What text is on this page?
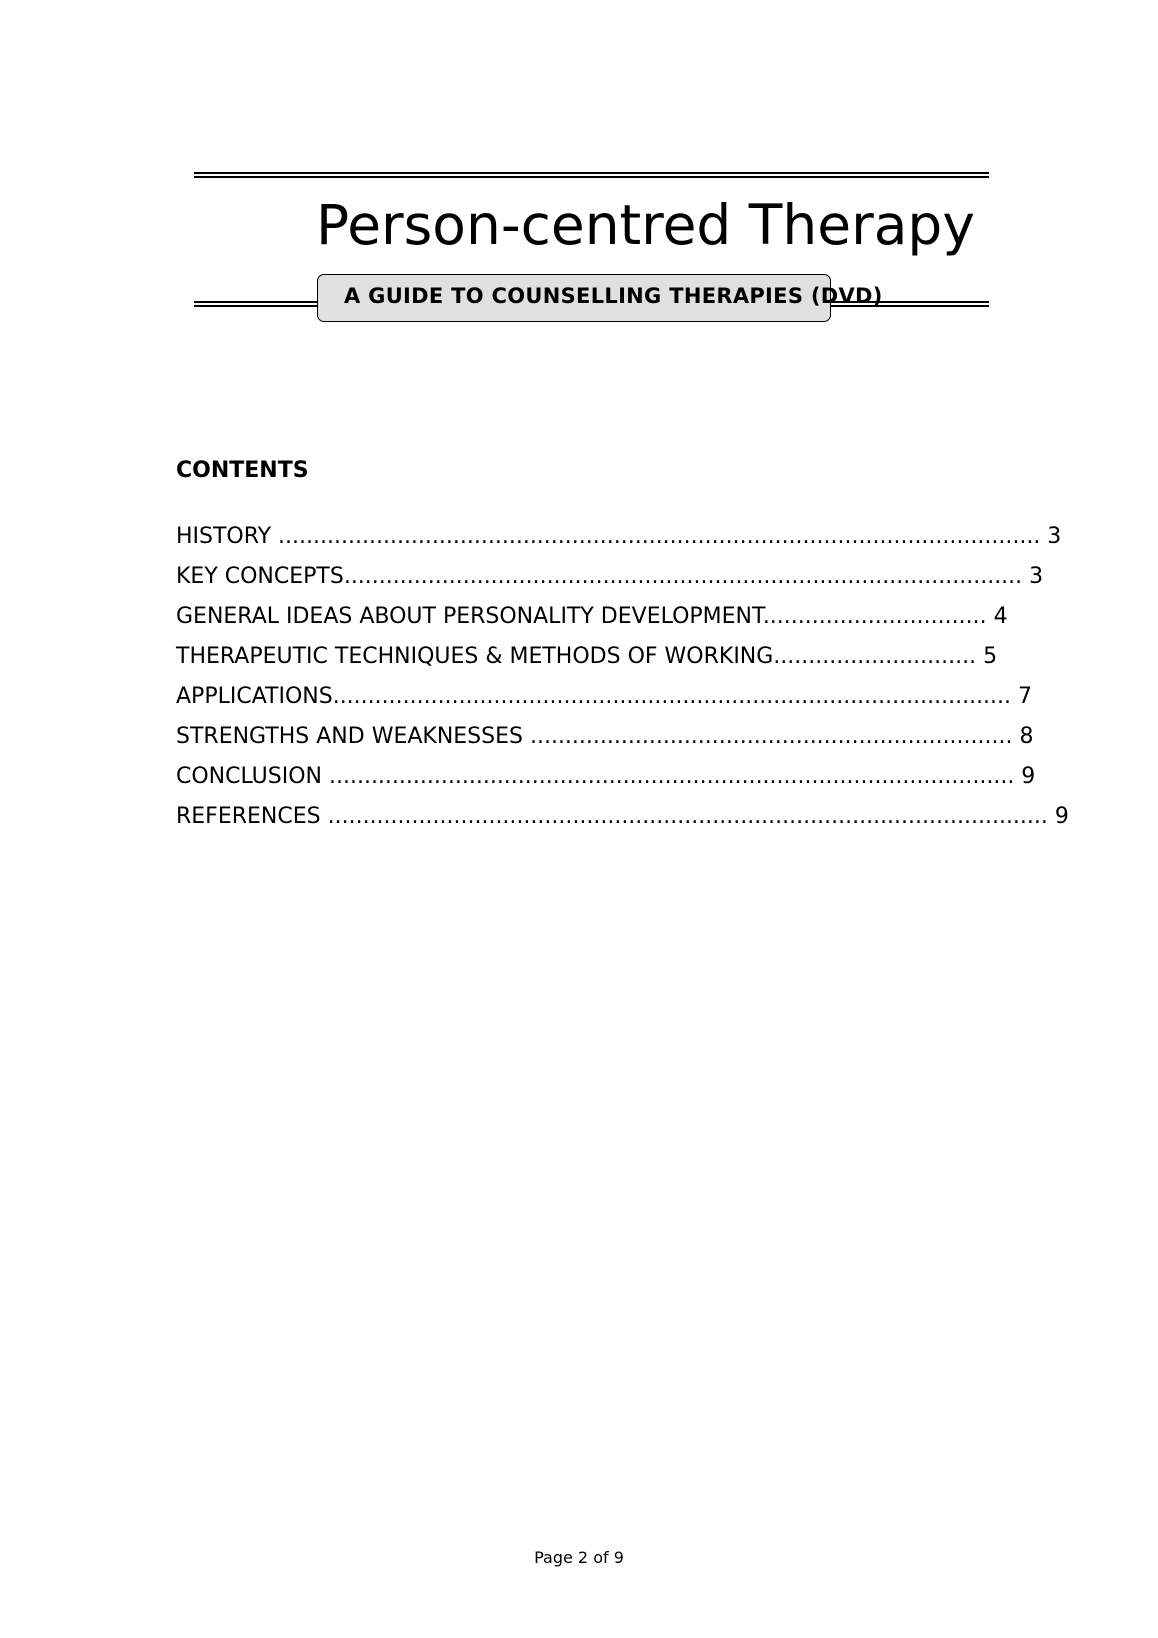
Person-centred Therapy
A GUIDE TO COUNSELLING THERAPIES (DVD)
CONTENTS
HISTORY ............................................................................................................. 3
KEY CONCEPTS................................................................................................. 3
GENERAL IDEAS ABOUT PERSONALITY DEVELOPMENT................................ 4
THERAPEUTIC TECHNIQUES & METHODS OF WORKING............................. 5
APPLICATIONS................................................................................................. 7
STRENGTHS AND WEAKNESSES ..................................................................... 8
CONCLUSION .................................................................................................. 9
REFERENCES ....................................................................................................... 9
Page 2 of 9
